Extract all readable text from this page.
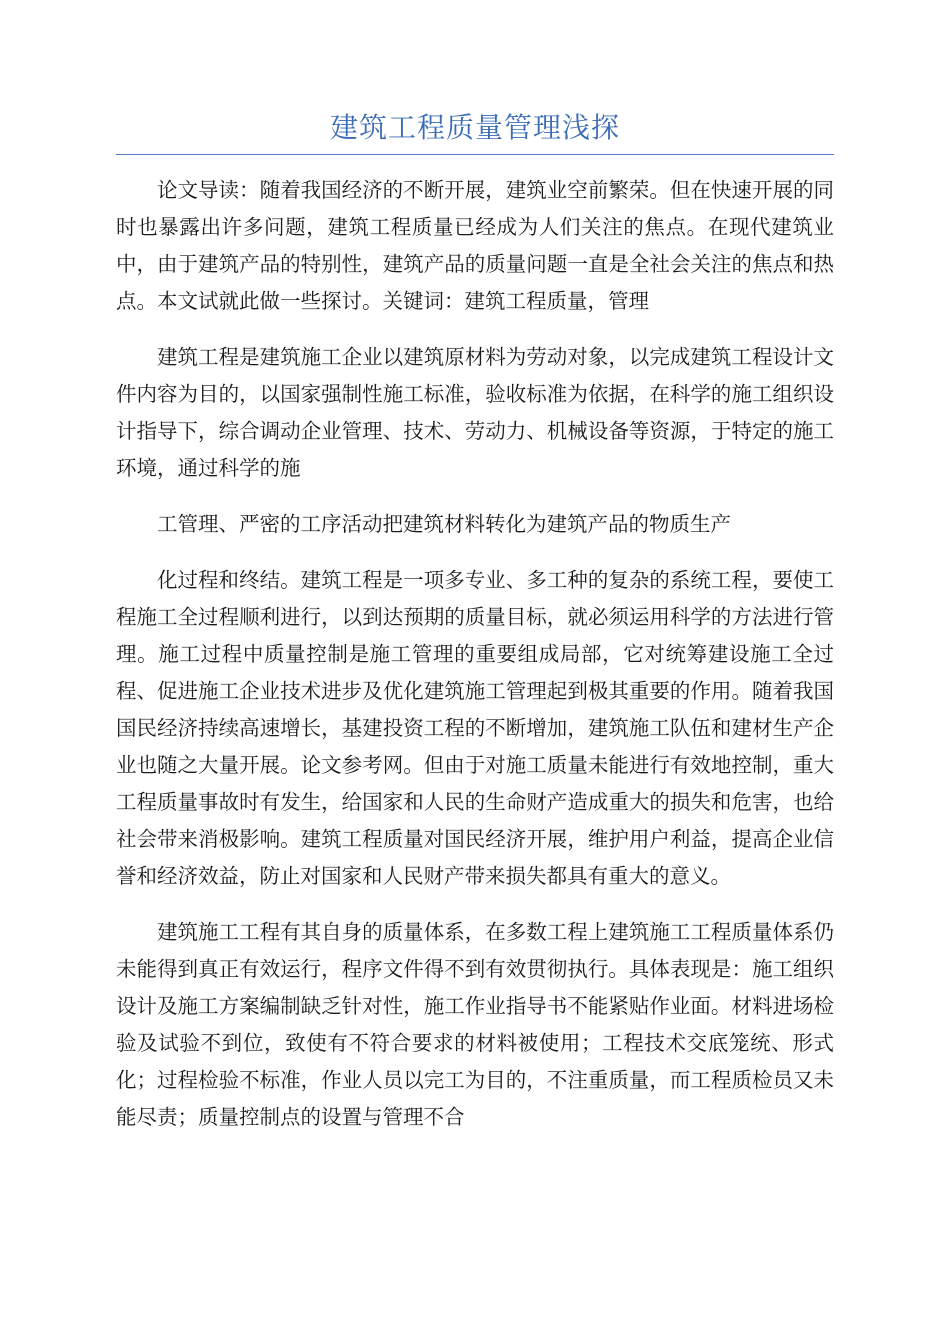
建筑工程质量管理浅探

论文导读：随着我国经济的不断开展，建筑业空前繁荣。但在快速开展的同时也暴露出许多问题，建筑工程质量已经成为人们关注的焦点。在现代建筑业中，由于建筑产品的特别性，建筑产品的质量问题一直是全社会关注的焦点和热点。本文试就此做一些探讨。关键词：建筑工程质量，管理

建筑工程是建筑施工企业以建筑原材料为劳动对象，以完成建筑工程设计文件内容为目的，以国家强制性施工标准，验收标准为依据，在科学的施工组织设计指导下，综合调动企业管理、技术、劳动力、机械设备等资源，于特定的施工环境，通过科学的施

工管理、严密的工序活动把建筑材料转化为建筑产品的物质生产

化过程和终结。建筑工程是一项多专业、多工种的复杂的系统工程，要使工程施工全过程顺利进行，以到达预期的质量目标，就必须运用科学的方法进行管理。施工过程中质量控制是施工管理的重要组成局部，它对统筹建设施工全过程、促进施工企业技术进步及优化建筑施工管理起到极其重要的作用。随着我国国民经济持续高速增长，基建投资工程的不断增加，建筑施工队伍和建材生产企业也随之大量开展。论文参考网。但由于对施工质量未能进行有效地控制，重大工程质量事故时有发生，给国家和人民的生命财产造成重大的损失和危害，也给社会带来消极影响。建筑工程质量对国民经济开展，维护用户利益，提高企业信誉和经济效益，防止对国家和人民财产带来损失都具有重大的意义。

建筑施工工程有其自身的质量体系，在多数工程上建筑施工工程质量体系仍未能得到真正有效运行，程序文件得不到有效贯彻执行。具体表现是：施工组织设计及施工方案编制缺乏针对性，施工作业指导书不能紧贴作业面。材料进场检验及试验不到位，致使有不符合要求的材料被使用；工程技术交底笼统、形式化；过程检验不标准，作业人员以完工为目的，不注重质量，而工程质检员又未能尽责；质量控制点的设置与管理不合
